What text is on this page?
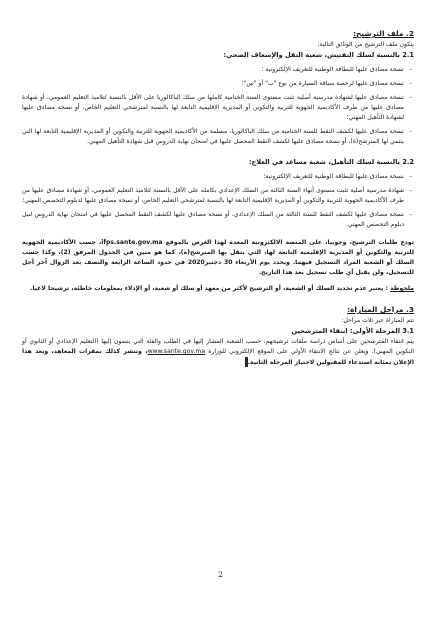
2. ملف الترشيح:

يتكون ملف الترشيح من الوثائق التالية:

2.1 بالنسبة لسلك التفتيش، شعبة التقل والإسعاف الصحي:

- نسخة مصادق عليها للبطاقة الوطنية للتعريف الإلكترونية ؛

- نسخة مصادق عليها لرخصة سياقة السيارة من نوع "ب" أو "س"؛

- نسخة مصادق عليها لشهادة مدرسية أصلية تثبت مستوى السنة الختامية كاملها من سلك الباكالوريا على الأقل بالنسبة لتلاميذ التعليم العمومي، أو شهادة مصادق عليها من طرف الأكاديمية الجهوية للتربية والتكوين أو المديرية الإقليمية التابعة لها بالنسبة لمترشحي التعليم الخاص، أو نسخة مصادق عليها لشهادة التأهيل المهني؛

- نسخة مصادق عليها لكشف النقط للسنة الختامية من سلك الباكالوريا، مسلمة من الأكاديمية الجهوية للتربية والتكوين أو المديرية الإقليمية التابعة لها التي ينتمي لها المترشح(ة)، أو نسخة مصادق عليها لكشف النقط المحصل عليها في امتحان نهاية الدروس قبل شهادة التأهيل المهني.

2.2 بالنسبة لسلك التأهيل، شعبة مساعد في العلاج:

- نسخة مصادق عليها للبطاقة الوطنية للتعريف الإلكترونية؛

- شهادة مدرسية أصلية تثبت مستوى أنهاء السنة الثالثة من السلك الإعدادي بكامله على الأقل بالنسبة لتلاميذ التعليم العمومي، أو شهادة مصادق عليها من طرف الأكاديمية الجهوية للتربية والتكوين أو المديرية الإقليمية التابعة لها بالنسبة لمترشحي التعليم الخاص، أو نسخة مصادق عليها لدبلوم التخصص المهني؛

- نسخة مصادق عليها لكشف النقط للسنة الثالثة من السلك الإعدادي، أو نسخة مصادق عليها لكشف النقط المحصل عليها في امتحان نهاية الدروس لنيل دبلوم التخصص المهني.

تودع طلبات الترشيح، وجوبيا، على المنصة الالكترونية المعدة لهذا الغرض بالموقع ifps.sante.gov.ma، حسب الأكاديمية الجهوية للتربية والتكوين أو المديرية الإقليمية التابعة لها، التي ينقل بها المترشح(ة)، كما هو مبين في الجدول المرفق (2)، وكذا حسب السلك أو الشعبة المراد التسجيل فيهما. ويحدد يوم الأربعاء 30 دجنبر2020 في حدود الساعة الرابعة والنصف بعد الزوال آخر أجل للتسجيل، ولن يقبل أي طلب تسجيل بعد هذا التاريخ.

ملحوظة : يعتبر عدم تحديد السلك أو الشعبة، أو الترشيح لأكثر من معهد أو سلك أو شعبة، أو الإدلاء بمعلومات خاطئة، ترشيحا لاغيا.

3. مراحل المباراة:

تتم المباراة عبر ثلاث مراحل:

3.1 المرحلة الأولى: انتقاء المترشحين

يتم انتقاء المترشحين على أساس دراسة ملفات ترشيحهم، حسب الشعبة المشار إليها في الطلب والفئة التي ينتمون إليها (التعليم الإعدادي أو الثانوي أو التكوين المهني). ويعلن عن نتائج الانتقاء الأولي على الموقع الإلكتروني للوزارة www.sante.gov.ma، وتنشر كذلك بمقرات المعاهد، ويعد هذا الإعلان بمثابة استدعاء للمقبولين لاجتياز المرحلة الثانية.

2
